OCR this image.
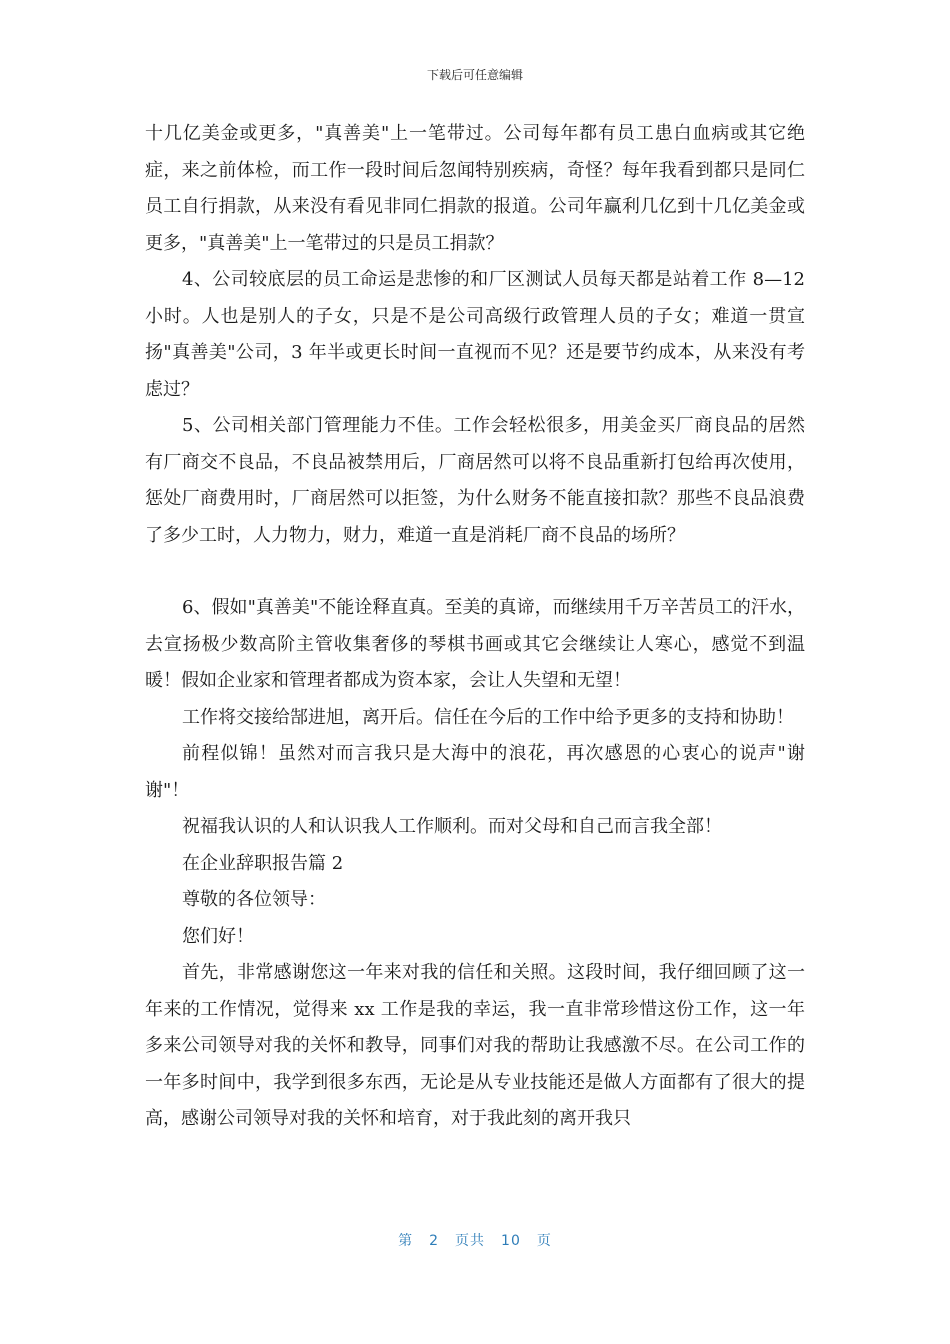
下载后可任意编辑

十几亿美金或更多，"真善美"上一笔带过。公司每年都有员工患白血病或其它绝症，来之前体检，而工作一段时间后忽闻特别疾病，奇怪？每年我看到都只是同仁员工自行捐款，从来没有看见非同仁捐款的报道。公司年赢利几亿到十几亿美金或更多，"真善美"上一笔带过的只是员工捐款？

4、公司较底层的员工命运是悲惨的和厂区测试人员每天都是站着工作 8—12 小时。人也是别人的子女，只是不是公司高级行政管理人员的子女；难道一贯宣扬"真善美"公司，3 年半或更长时间一直视而不见？还是要节约成本，从来没有考虑过？

5、公司相关部门管理能力不佳。工作会轻松很多，用美金买厂商良品的居然有厂商交不良品，不良品被禁用后，厂商居然可以将不良品重新打包给再次使用，惩处厂商费用时，厂商居然可以拒签，为什么财务不能直接扣款？那些不良品浪费了多少工时，人力物力，财力，难道一直是消耗厂商不良品的场所？

6、假如"真善美"不能诠释直真。至美的真谛，而继续用千万辛苦员工的汗水，去宣扬极少数高阶主管收集奢侈的琴棋书画或其它会继续让人寒心，感觉不到温暖！假如企业家和管理者都成为资本家，会让人失望和无望！

工作将交接给郜进旭，离开后。信任在今后的工作中给予更多的支持和协助！

前程似锦！虽然对而言我只是大海中的浪花，再次感恩的心衷心的说声"谢谢"！

祝福我认识的人和认识我人工作顺利。而对父母和自己而言我全部！

在企业辞职报告篇 2

尊敬的各位领导：

您们好！

首先，非常感谢您这一年来对我的信任和关照。这段时间，我仔细回顾了这一年来的工作情况，觉得来 xx 工作是我的幸运，我一直非常珍惜这份工作，这一年多来公司领导对我的关怀和教导，同事们对我的帮助让我感激不尽。在公司工作的一年多时间中，我学到很多东西，无论是从专业技能还是做人方面都有了很大的提高，感谢公司领导对我的关怀和培育，对于我此刻的离开我只

第 2 页共 10 页
